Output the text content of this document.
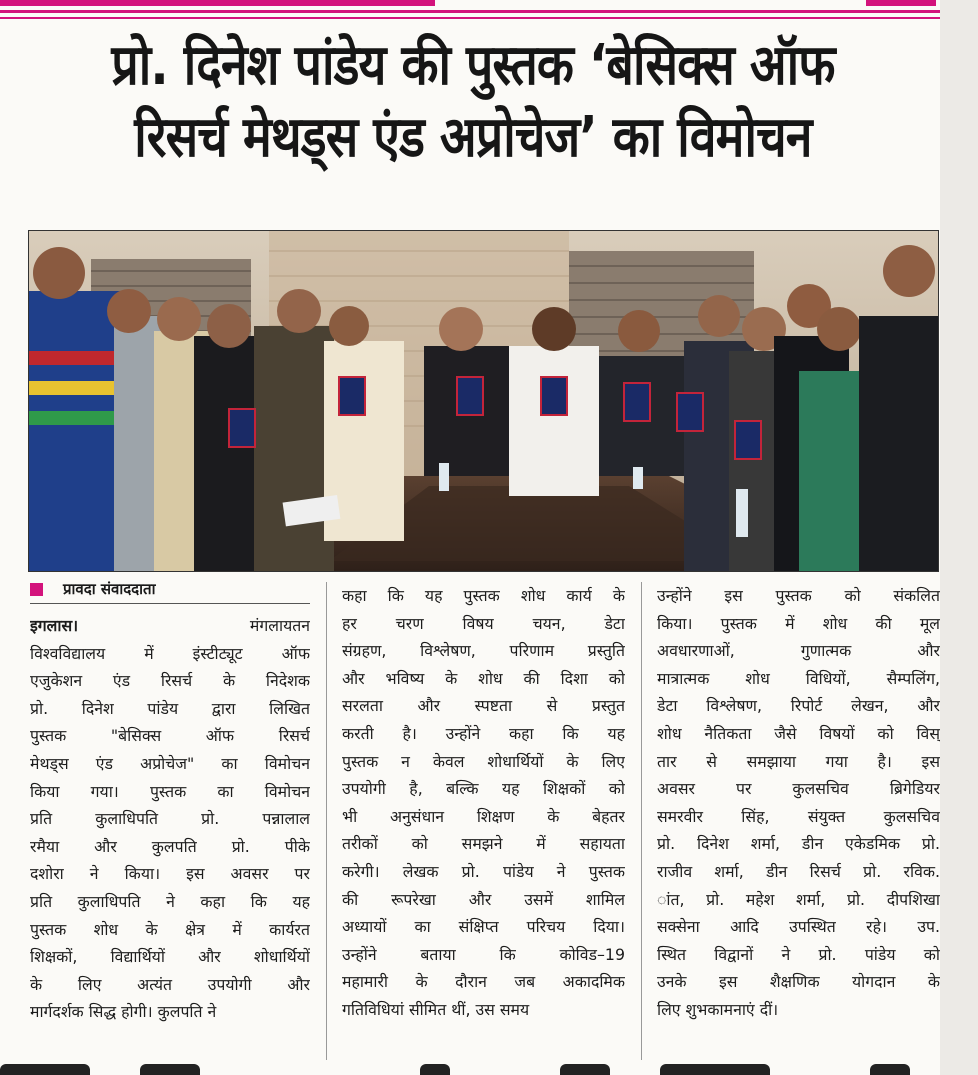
प्रो. दिनेश पांडेय की पुस्तक ‘बेसिक्स ऑफ
रिसर्च मेथड्स एंड अप्रोचेज’ का विमोचन
प्रावदा संवाददाता
इगलास।	मंगलायतन
विश्वविद्यालय में इंस्टीट्यूट ऑफ
एजुकेशन एंड रिसर्च के निदेशक
प्रो. दिनेश पांडेय द्वारा लिखित
पुस्तक "बेसिक्स ऑफ रिसर्च
मेथड्स एंड अप्रोचेज" का विमोचन
किया गया। पुस्तक का विमोचन
प्रति कुलाधिपति प्रो. पन्नालाल
रमैया और कुलपति प्रो. पीके
दशोरा ने किया। इस अवसर पर
प्रति कुलाधिपति ने कहा कि यह
पुस्तक शोध के क्षेत्र में कार्यरत
शिक्षकों, विद्यार्थियों और शोधार्थियों
के लिए अत्यंत उपयोगी और
मार्गदर्शक सिद्ध होगी। कुलपति ने
कहा कि यह पुस्तक शोध कार्य के
हर चरण विषय चयन, डेटा
संग्रहण, विश्लेषण, परिणाम प्रस्तुति
और भविष्य के शोध की दिशा को
सरलता और स्पष्टता से प्रस्तुत
करती है। उन्होंने कहा कि यह
पुस्तक न केवल शोधार्थियों के लिए
उपयोगी है, बल्कि यह शिक्षकों को
भी अनुसंधान शिक्षण के बेहतर
तरीकों को समझने में सहायता
करेगी। लेखक प्रो. पांडेय ने पुस्तक
की रूपरेखा और उसमें शामिल
अध्यायों का संक्षिप्त परिचय दिया।
उन्होंने बताया कि कोविड–19
महामारी के दौरान जब अकादमिक
गतिविधियां सीमित थीं, उस समय
उन्होंने इस पुस्तक को संकलित
किया। पुस्तक में शोध की मूल
अवधारणाओं, गुणात्मक और
मात्रात्मक शोध विधियों, सैम्पलिंग,
डेटा विश्लेषण, रिपोर्ट लेखन, और
शोध नैतिकता जैसे विषयों को विस्
तार से समझाया गया है। इस
अवसर पर कुलसचिव ब्रिगेडियर
समरवीर सिंह, संयुक्त कुलसचिव
प्रो. दिनेश शर्मा, डीन एकेडमिक प्रो.
राजीव शर्मा, डीन रिसर्च प्रो. रविक.
ांत, प्रो. महेश शर्मा, प्रो. दीपशिखा
सक्सेना आदि उपस्थित रहे। उप.
स्थित विद्वानों ने प्रो. पांडेय को
उनके इस शैक्षणिक योगदान के
लिए शुभकामनाएं दीं।
